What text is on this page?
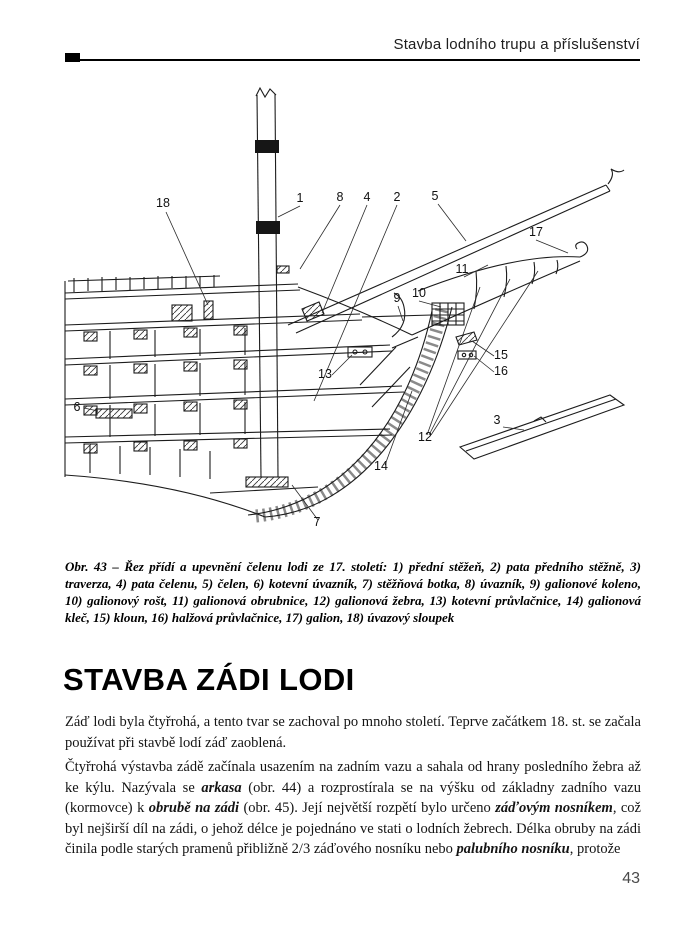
Stavba lodního trupu a příslušenství
18	1	8 4 2 5
17
11
9 10
15
16
13
6
3
12
14
7

Obr. 43 – Řez přídí a upevnění čelenu lodi ze 17. století: 1) přední stěžeň, 2) pata předního stěžně, 3) traverza, 4) pata čelenu, 5) čelen, 6) kotevní úvazník, 7) stěžňová botka, 8) úvazník, 9) galionové koleno, 10) galionový rošt, 11) galionová obrubnice, 12) galionová žebra, 13) kotevní průvlačnice, 14) galionová kleč, 15) kloun, 16) halžová průvlačnice, 17) galion, 18) úvazový sloupek

STAVBA ZÁDI LODI

Záď lodi byla čtyřrohá, a tento tvar se zachoval po mnoho století. Teprve začátkem 18. st. se začala používat při stavbě lodí záď zaoblená.

Čtyřrohá výstavba zádě začínala usazením na zadním vazu a sahala od hrany posledního žebra až ke kýlu. Nazývala se arkasa (obr. 44) a rozprostírala se na výšku od základny zadního vazu (kormovce) k obrubě na zádi (obr. 45). Její největší rozpětí bylo určeno záďovým nosníkem, což byl nejširší díl na zádi, o jehož délce je pojednáno ve stati o lodních žebrech. Délka obruby na zádi činila podle starých pramenů přibližně 2/3 záďového nosníku nebo palubního nosníku, protože

43
